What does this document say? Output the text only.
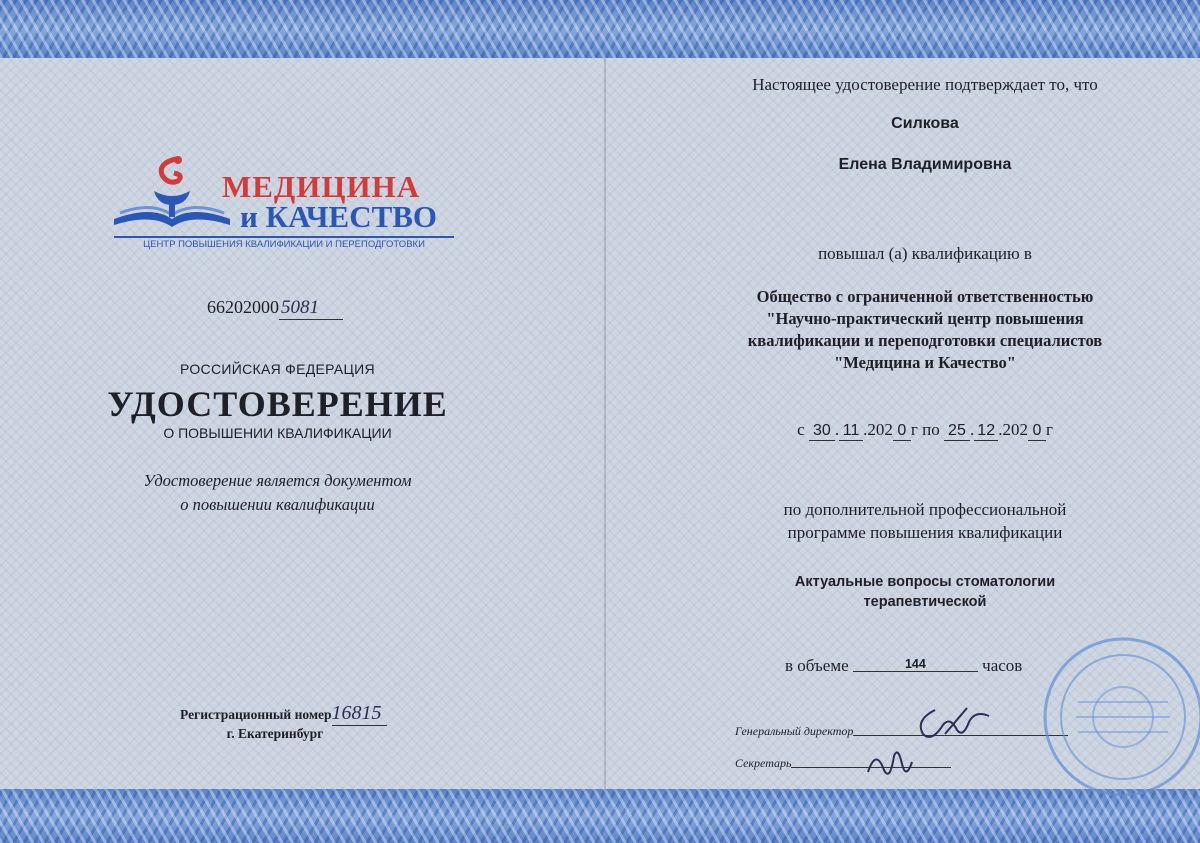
МЕДИЦИНА
и КАЧЕСТВО
ЦЕНТР ПОВЫШЕНИЯ КВАЛИФИКАЦИИ И ПЕРЕПОДГОТОВКИ
66202000 5081
РОССИЙСКАЯ ФЕДЕРАЦИЯ
УДОСТОВЕРЕНИЕ
О ПОВЫШЕНИИ КВАЛИФИКАЦИИ
Удостоверение является документом
о повышении квалификации
Регистрационный номер16815
г. Екатеринбург
Настоящее удостоверение подтверждает то, что
Силкова
Елена Владимировна
повышал (а) квалификацию в
Общество с ограниченной ответственностью
"Научно-практический центр повышения
квалификации и переподготовки специалистов
"Медицина и Качество"
с 30 . 11 .202 0 г по 25 . 12 .202 0 г
по дополнительной профессиональной
программе повышения квалификации
Актуальные вопросы стоматологии
терапевтической
в объеме	144	часов
Генеральный директор
Секретарь
